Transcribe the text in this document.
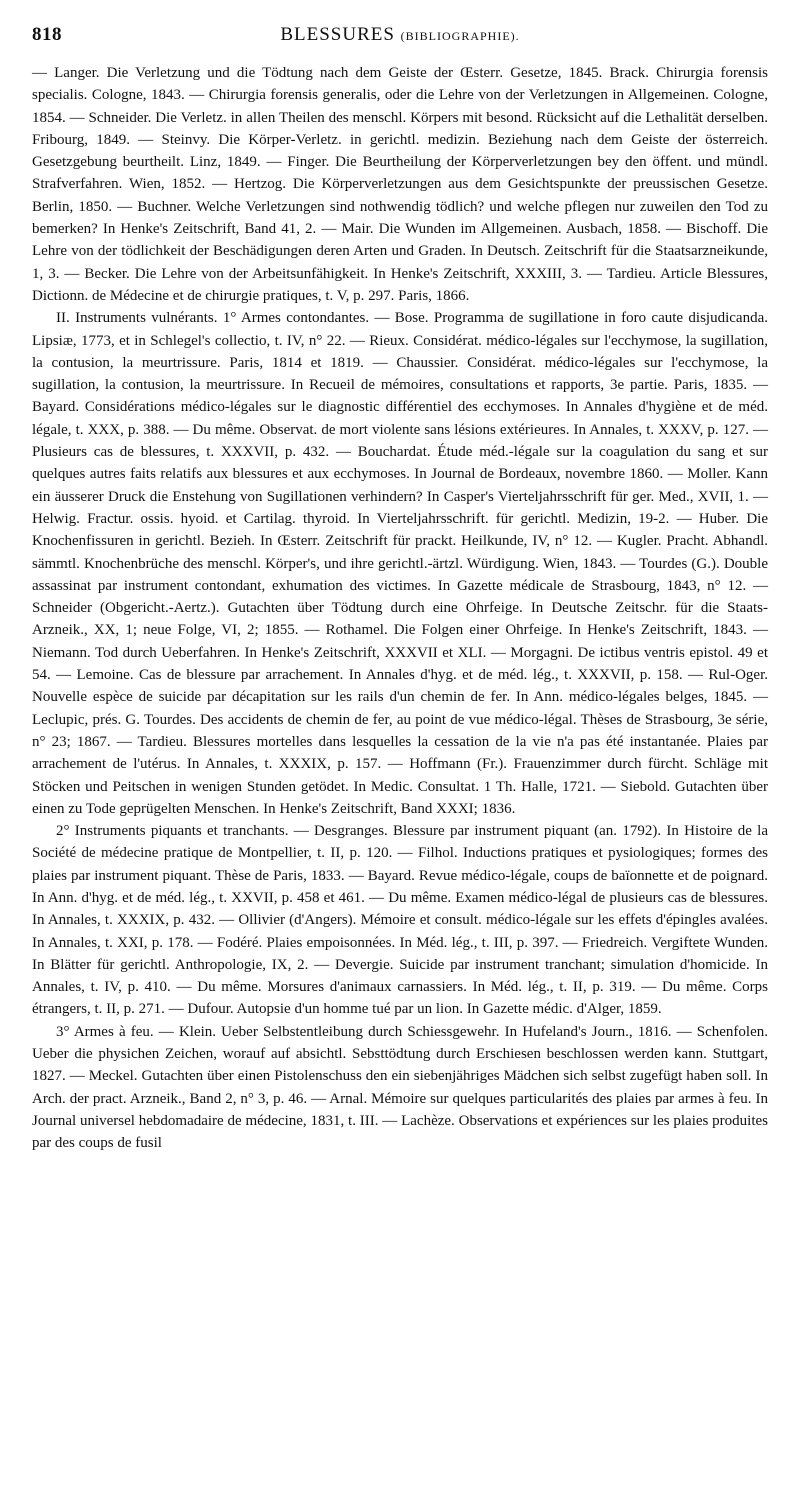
818	BLESSURES (BIBLIOGRAPHIE).

— Langer. Die Verletzung und die Tödtung nach dem Geiste der Œsterr. Gesetze, 1845. Brack. Chirurgia forensis specialis. Cologne, 1843. — Chirurgia forensis generalis, oder die Lehre von der Verletzungen in Allgemeinen. Cologne, 1854. — Schneider. Die Verletz. in allen Theilen des menschl. Körpers mit besond. Rücksicht auf die Lethalität derselben. Fribourg, 1849. — Steinvy. Die Körper-Verletz. in gerichtl. medizin. Beziehung nach dem Geiste der österreich. Gesetzgebung beurtheilt. Linz, 1849. — Finger. Die Beurtheilung der Körperverletzungen bey den öffent. und mündl. Strafverfahren. Wien, 1852. — Hertzog. Die Körperverletzungen aus dem Gesichtspunkte der preussischen Gesetze. Berlin, 1850. — Buchner. Welche Verletzungen sind nothwendig tödlich? und welche pflegen nur zuweilen den Tod zu bemerken? In Henke's Zeitschrift, Band 41, 2. — Mair. Die Wunden im Allgemeinen. Ausbach, 1858. — Bischoff. Die Lehre von der tödlichkeit der Beschädigungen deren Arten und Graden. In Deutsch. Zeitschrift für die Staatsarzneikunde, 1, 3. — Becker. Die Lehre von der Arbeitsunfähigkeit. In Henke's Zeitschrift, XXXIII, 3. — Tardieu. Article Blessures, Dictionn. de Médecine et de chirurgie pratiques, t. V, p. 297. Paris, 1866.

II. Instruments vulnérants. 1° Armes contondantes. — Bose. Programma de sugillatione in foro caute disjudicanda. Lipsiæ, 1773, et in Schlegel's collectio, t. IV, n° 22. — Rieux. Considérat. médico-légales sur l'ecchymose, la sugillation, la contusion, la meurtrissure. Paris, 1814 et 1819. — Chaussier. Considérat. médico-légales sur l'ecchymose, la sugillation, la contusion, la meurtrissure. In Recueil de mémoires, consultations et rapports, 3e partie. Paris, 1835. — Bayard. Considérations médico-légales sur le diagnostic différentiel des ecchymoses. In Annales d'hygiène et de méd. légale, t. XXX, p. 388. — Du même. Observat. de mort violente sans lésions extérieures. In Annales, t. XXXV, p. 127. — Plusieurs cas de blessures, t. XXXVII, p. 432. — Bouchardat. Étude méd.-légale sur la coagulation du sang et sur quelques autres faits relatifs aux blessures et aux ecchymoses. In Journal de Bordeaux, novembre 1860. — Moller. Kann ein äusserer Druck die Enstehung von Sugillationen verhindern? In Casper's Vierteljahrsschrift für ger. Med., XVII, 1. — Helwig. Fractur. ossis. hyoid. et Cartilag. thyroid. In Vierteljahrsschrift. für gerichtl. Medizin, 19-2. — Huber. Die Knochenfissuren in gerichtl. Bezieh. In Œsterr. Zeitschrift für prackt. Heilkunde, IV, n° 12. — Kugler. Pracht. Abhandl. sämmtl. Knochenbrüche des menschl. Körper's, und ihre gerichtl.-ärtzl. Würdigung. Wien, 1843. — Tourdes (G.). Double assassinat par instrument contondant, exhumation des victimes. In Gazette médicale de Strasbourg, 1843, n° 12. — Schneider (Obgericht.-Aertz.). Gutachten über Tödtung durch eine Ohrfeige. In Deutsche Zeitschr. für die Staats-Arzneik., XX, 1; neue Folge, VI, 2; 1855. — Rothamel. Die Folgen einer Ohrfeige. In Henke's Zeitschrift, 1843. — Niemann. Tod durch Ueberfahren. In Henke's Zeitschrift, XXXVII et XLI. — Morgagni. De ictibus ventris epistol. 49 et 54. — Lemoine. Cas de blessure par arrachement. In Annales d'hyg. et de méd. lég., t. XXXVII, p. 158. — Rul-Oger. Nouvelle espèce de suicide par décapitation sur les rails d'un chemin de fer. In Ann. médico-légales belges, 1845. — Leclupic, prés. G. Tourdes. Des accidents de chemin de fer, au point de vue médico-légal. Thèses de Strasbourg, 3e série, n° 23; 1867. — Tardieu. Blessures mortelles dans lesquelles la cessation de la vie n'a pas été instantanée. Plaies par arrachement de l'utérus. In Annales, t. XXXIX, p. 157. — Hoffmann (Fr.). Frauenzimmer durch fürcht. Schläge mit Stöcken und Peitschen in wenigen Stunden getödet. In Medic. Consultat. 1 Th. Halle, 1721. — Siebold. Gutachten über einen zu Tode geprügelten Menschen. In Henke's Zeitschrift, Band XXXI; 1836.

2° Instruments piquants et tranchants. — Desgranges. Blessure par instrument piquant (an. 1792). In Histoire de la Société de médecine pratique de Montpellier, t. II, p. 120. — Filhol. Inductions pratiques et pysiologiques; formes des plaies par instrument piquant. Thèse de Paris, 1833. — Bayard. Revue médico-légale, coups de baïonnette et de poignard. In Ann. d'hyg. et de méd. lég., t. XXVII, p. 458 et 461. — Du même. Examen médico-légal de plusieurs cas de blessures. In Annales, t. XXXIX, p. 432. — Ollivier (d'Angers). Mémoire et consult. médico-légale sur les effets d'épingles avalées. In Annales, t. XXI, p. 178. — Fodéré. Plaies empoisonnées. In Méd. lég., t. III, p. 397. — Friedreich. Vergiftete Wunden. In Blätter für gerichtl. Anthropologie, IX, 2. — Devergie. Suicide par instrument tranchant; simulation d'homicide. In Annales, t. IV, p. 410. — Du même. Morsures d'animaux carnassiers. In Méd. lég., t. II, p. 319. — Du même. Corps étrangers, t. II, p. 271. — Dufour. Autopsie d'un homme tué par un lion. In Gazette médic. d'Alger, 1859.

3° Armes à feu. — Klein. Ueber Selbstentleibung durch Schiessgewehr. In Hufeland's Journ., 1816. — Schenfolen. Ueber die physichen Zeichen, worauf auf absichtl. Sebsttödtung durch Erschiesen beschlossen werden kann. Stuttgart, 1827. — Meckel. Gutachten über einen Pistolenschuss den ein siebenjähriges Mädchen sich selbst zugefügt haben soll. In Arch. der pract. Arzneik., Band 2, n° 3, p. 46. — Arnal. Mémoire sur quelques particularités des plaies par armes à feu. In Journal universel hebdomadaire de médecine, 1831, t. III. — Lachèze. Observations et expériences sur les plaies produites par des coups de fusil
